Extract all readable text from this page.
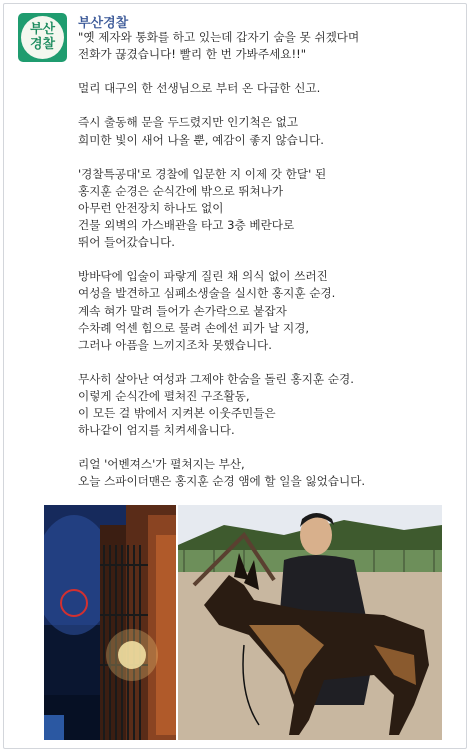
부산
경찰
부산경찰

"옛 제자와 통화를 하고 있는데 갑자기 숨을 못 쉬겠다며
전화가 끊겼습니다! 빨리 한 번 가봐주세요!!"

멀리 대구의 한 선생님으로 부터 온 다급한 신고.

즉시 출동해 문을 두드렸지만 인기척은 없고
희미한 빛이 새어 나올 뿐, 예감이 좋지 않습니다.

'경찰특공대'로 경찰에 입문한 지 이제 갓 한달' 된
홍지훈 순경은 순식간에 밖으로 뛰쳐나가
아무런 안전장치 하나도 없이
건물 외벽의 가스배관을 타고 3층 베란다로
뛰어 들어갔습니다.

방바닥에 입술이 파랗게 질린 채 의식 없이 쓰러진
여성을 발견하고 심폐소생술을 실시한 홍지훈 순경.
계속 혀가 말려 들어가 손가락으로 붙잡자
수차례 억센 힘으로 물려 손에선 피가 날 지경,
그러나 아픔을 느끼지조차 못했습니다.

무사히 살아난 여성과 그제야 한숨을 돌린 홍지훈 순경.
이렇게 순식간에 펼쳐진 구조활동,
이 모든 걸 밖에서 지켜본 이웃주민들은
하나같이 엄지를 치켜세웁니다.

리얼 '어벤져스'가 펼쳐지는 부산,
오늘 스파이더맨은 홍지훈 순경 앰에 할 일을 잃었습니다.
